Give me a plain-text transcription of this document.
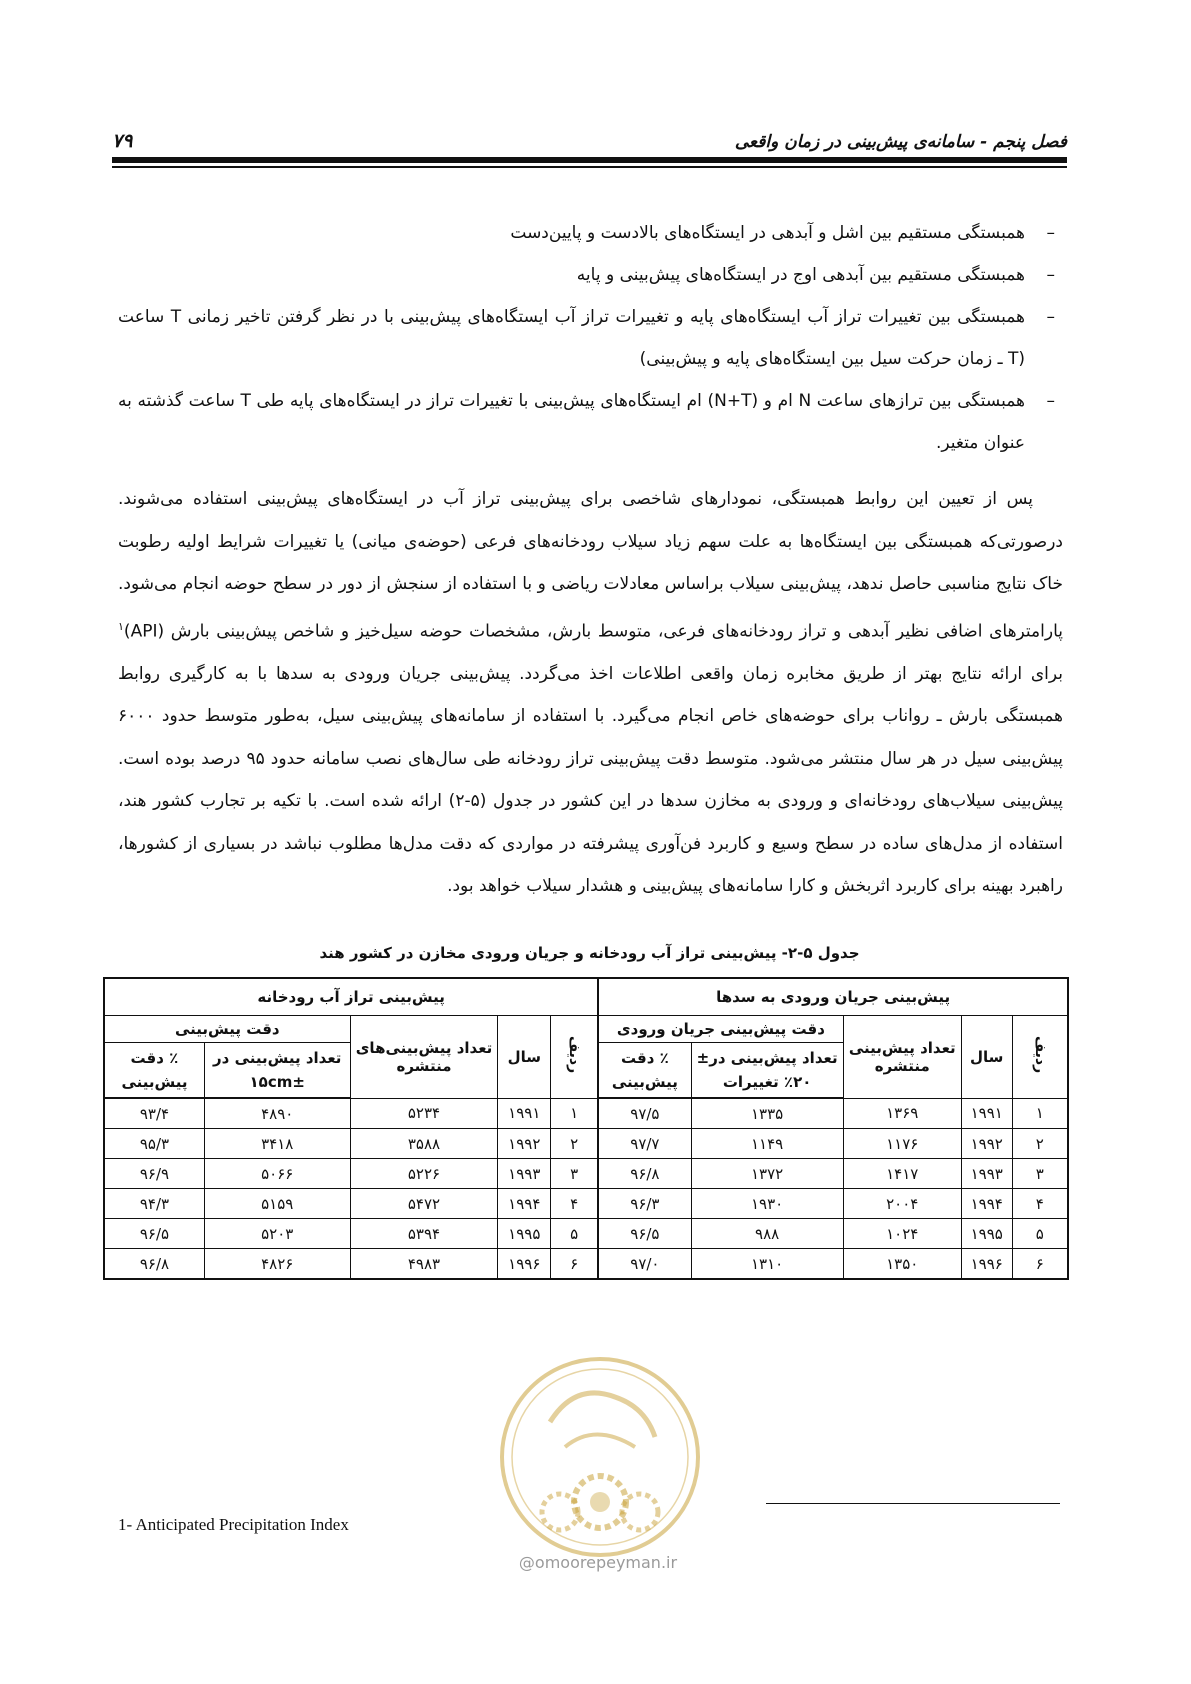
فصل پنجم - سامانه‌ی پیش‌بینی در زمان واقعی
۷۹
–
همبستگی مستقیم بین اشل و آبدهی در ایستگاه‌های بالادست و پایین‌دست
–
همبستگی مستقیم بین آبدهی اوج در ایستگاه‌های پیش‌بینی و پایه
–
همبستگی بین تغییرات تراز آب ایستگاه‌های پایه و تغییرات تراز آب ایستگاه‌های پیش‌بینی با در نظر گرفتن تاخیر زمانی T ساعت (T ـ زمان حرکت سیل بین ایستگاه‌های پایه و پیش‌بینی)
–
همبستگی بین ترازهای ساعت N ام و (N+T) ام ایستگاه‌های پیش‌بینی با تغییرات تراز در ایستگاه‌های پایه طی T ساعت گذشته به عنوان متغیر.
پس از تعیین این روابط همبستگی، نمودارهای شاخصی برای پیش‌بینی تراز آب در ایستگاه‌های پیش‌بینی استفاده می‌شوند. درصورتی‌که همبستگی بین ایستگاه‌ها به علت سهم زیاد سیلاب رودخانه‌های فرعی (حوضه‌ی میانی) یا تغییرات شرایط اولیه رطوبت خاک نتایج مناسبی حاصل ندهد، پیش‌بینی سیلاب براساس معادلات ریاضی و با استفاده از سنجش از دور در سطح حوضه انجام می‌شود. پارامترهای اضافی نظیر آبدهی و تراز رودخانه‌های فرعی، متوسط بارش، مشخصات حوضه سیل‌خیز و شاخص پیش‌بینی بارش (API)$^۱$ برای ارائه نتایج بهتر از طریق مخابره زمان واقعی اطلاعات اخذ می‌گردد. پیش‌بینی جریان ورودی به سدها با به کارگیری روابط همبستگی بارش ـ رواناب برای حوضه‌های خاص انجام می‌گیرد. با استفاده از سامانه‌های پیش‌بینی سیل، به‌طور متوسط حدود ۶۰۰۰ پیش‌بینی سیل در هر سال منتشر می‌شود. متوسط دقت پیش‌بینی تراز رودخانه طی سال‌های نصب سامانه حدود ۹۵ درصد بوده است. پیش‌بینی سیلاب‌های رودخانه‌ای و ورودی به مخازن سدها در این کشور در جدول (۵-۲) ارائه شده است. با تکیه بر تجارب کشور هند، استفاده از مدل‌های ساده در سطح وسیع و کاربرد فن‌آوری پیشرفته در مواردی که دقت مدل‌ها مطلوب نباشد در بسیاری از کشورها، راهبرد بهینه برای کاربرد اثربخش و کارا سامانه‌های پیش‌بینی و هشدار سیلاب خواهد بود.
جدول ۵-۲- پیش‌بینی تراز آب رودخانه و جریان ورودی مخازن در کشور هند
پیش‌بینی جریان ورودی به سدها					پیش‌بینی تراز آب رودخانه				
ردیف	سال	تعداد پیش‌بینی منتشره	دقت پیش‌بینی جریان ورودی		ردیف	سال	تعداد پیش‌بینی‌های منتشره	دقت پیش‌بینی	
			تعداد پیش‌بینی در± ۲۰٪ تغییرات	٪ دقت پیش‌بینی				تعداد پیش‌بینی در ±۱۵cm	٪ دقت پیش‌بینی
۱	۱۹۹۱	۱۳۶۹	۱۳۳۵	۹۷/۵	۱	۱۹۹۱	۵۲۳۴	۴۸۹۰	۹۳/۴
۲	۱۹۹۲	۱۱۷۶	۱۱۴۹	۹۷/۷	۲	۱۹۹۲	۳۵۸۸	۳۴۱۸	۹۵/۳
۳	۱۹۹۳	۱۴۱۷	۱۳۷۲	۹۶/۸	۳	۱۹۹۳	۵۲۲۶	۵۰۶۶	۹۶/۹
۴	۱۹۹۴	۲۰۰۴	۱۹۳۰	۹۶/۳	۴	۱۹۹۴	۵۴۷۲	۵۱۵۹	۹۴/۳
۵	۱۹۹۵	۱۰۲۴	۹۸۸	۹۶/۵	۵	۱۹۹۵	۵۳۹۴	۵۲۰۳	۹۶/۵
۶	۱۹۹۶	۱۳۵۰	۱۳۱۰	۹۷/۰	۶	۱۹۹۶	۴۹۸۳	۴۸۲۶	۹۶/۸
@omoorepeyman.ir
1- Anticipated Precipitation Index
